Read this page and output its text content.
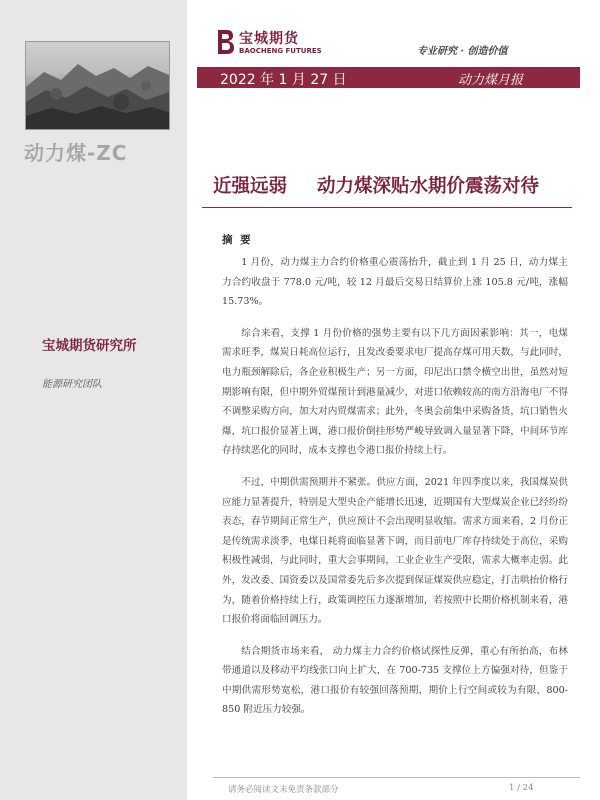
动力煤-ZC
宝城期货研究所
能源研究团队
宝城期货
BAOCHENG FUTURES	专业研究 · 创造价值
2022 年 1 月 27 日	动力煤月报
近强远弱 动力煤深贴水期价震荡对待
摘 要

1 月份，动力煤主力合约价格重心震荡抬升，截止到 1 月 25 日，动力煤主力合约收盘于 778.0 元/吨，较 12 月最后交易日结算价上涨 105.8 元/吨，涨幅 15.73%。

综合来看，支撑 1 月份价格的强势主要有以下几方面因素影响：其一，电煤需求旺季，煤炭日耗高位运行，且发改委要求电厂提高存煤可用天数，与此同时，电力瓶颈解除后，各企业积极生产；另一方面，印尼出口禁令横空出世，虽然对短期影响有限，但中期外贸煤预计到港量减少，对进口依赖较高的南方沿海电厂不得不调整采购方向，加大对内贸煤需求；此外，冬奥会前集中采购备货，坑口销售火爆，坑口报价显著上调，港口报价倒挂形势严峻导致调入量显著下降，中间环节库存持续恶化的同时，成本支撑也令港口报价持续上行。

不过，中期供需预期并不紧张。供应方面，2021 年四季度以来，我国煤炭供应能力显著提升，特别是大型央企产能增长迅速，近期国有大型煤炭企业已经纷纷表态，春节期间正常生产，供应预计不会出现明显收缩。需求方面来看，2 月份正是传统需求淡季，电煤日耗将面临显著下调，而目前电厂库存持续处于高位，采购积极性减弱，与此同时，重大会事期间，工业企业生产受限，需求大概率走弱。此外，发改委、国资委以及国常委先后多次提到保证煤炭供应稳定，打击哄抬价格行为，随着价格持续上行，政策调控压力逐渐增加，若按照中长期价格机制来看，港口报价将面临回调压力。

结合期货市场来看， 动力煤主力合约价格试探性反弹，重心有所抬高，布林带通道以及移动平均线张口向上扩大，在 700-735 支撑位上方偏强对待，但鉴于中期供需形势宽松，港口报价有较强回落预期，期价上行空间或较为有限，800-850 附近压力较强。

请务必阅读文末免责条款部分	1 / 24
